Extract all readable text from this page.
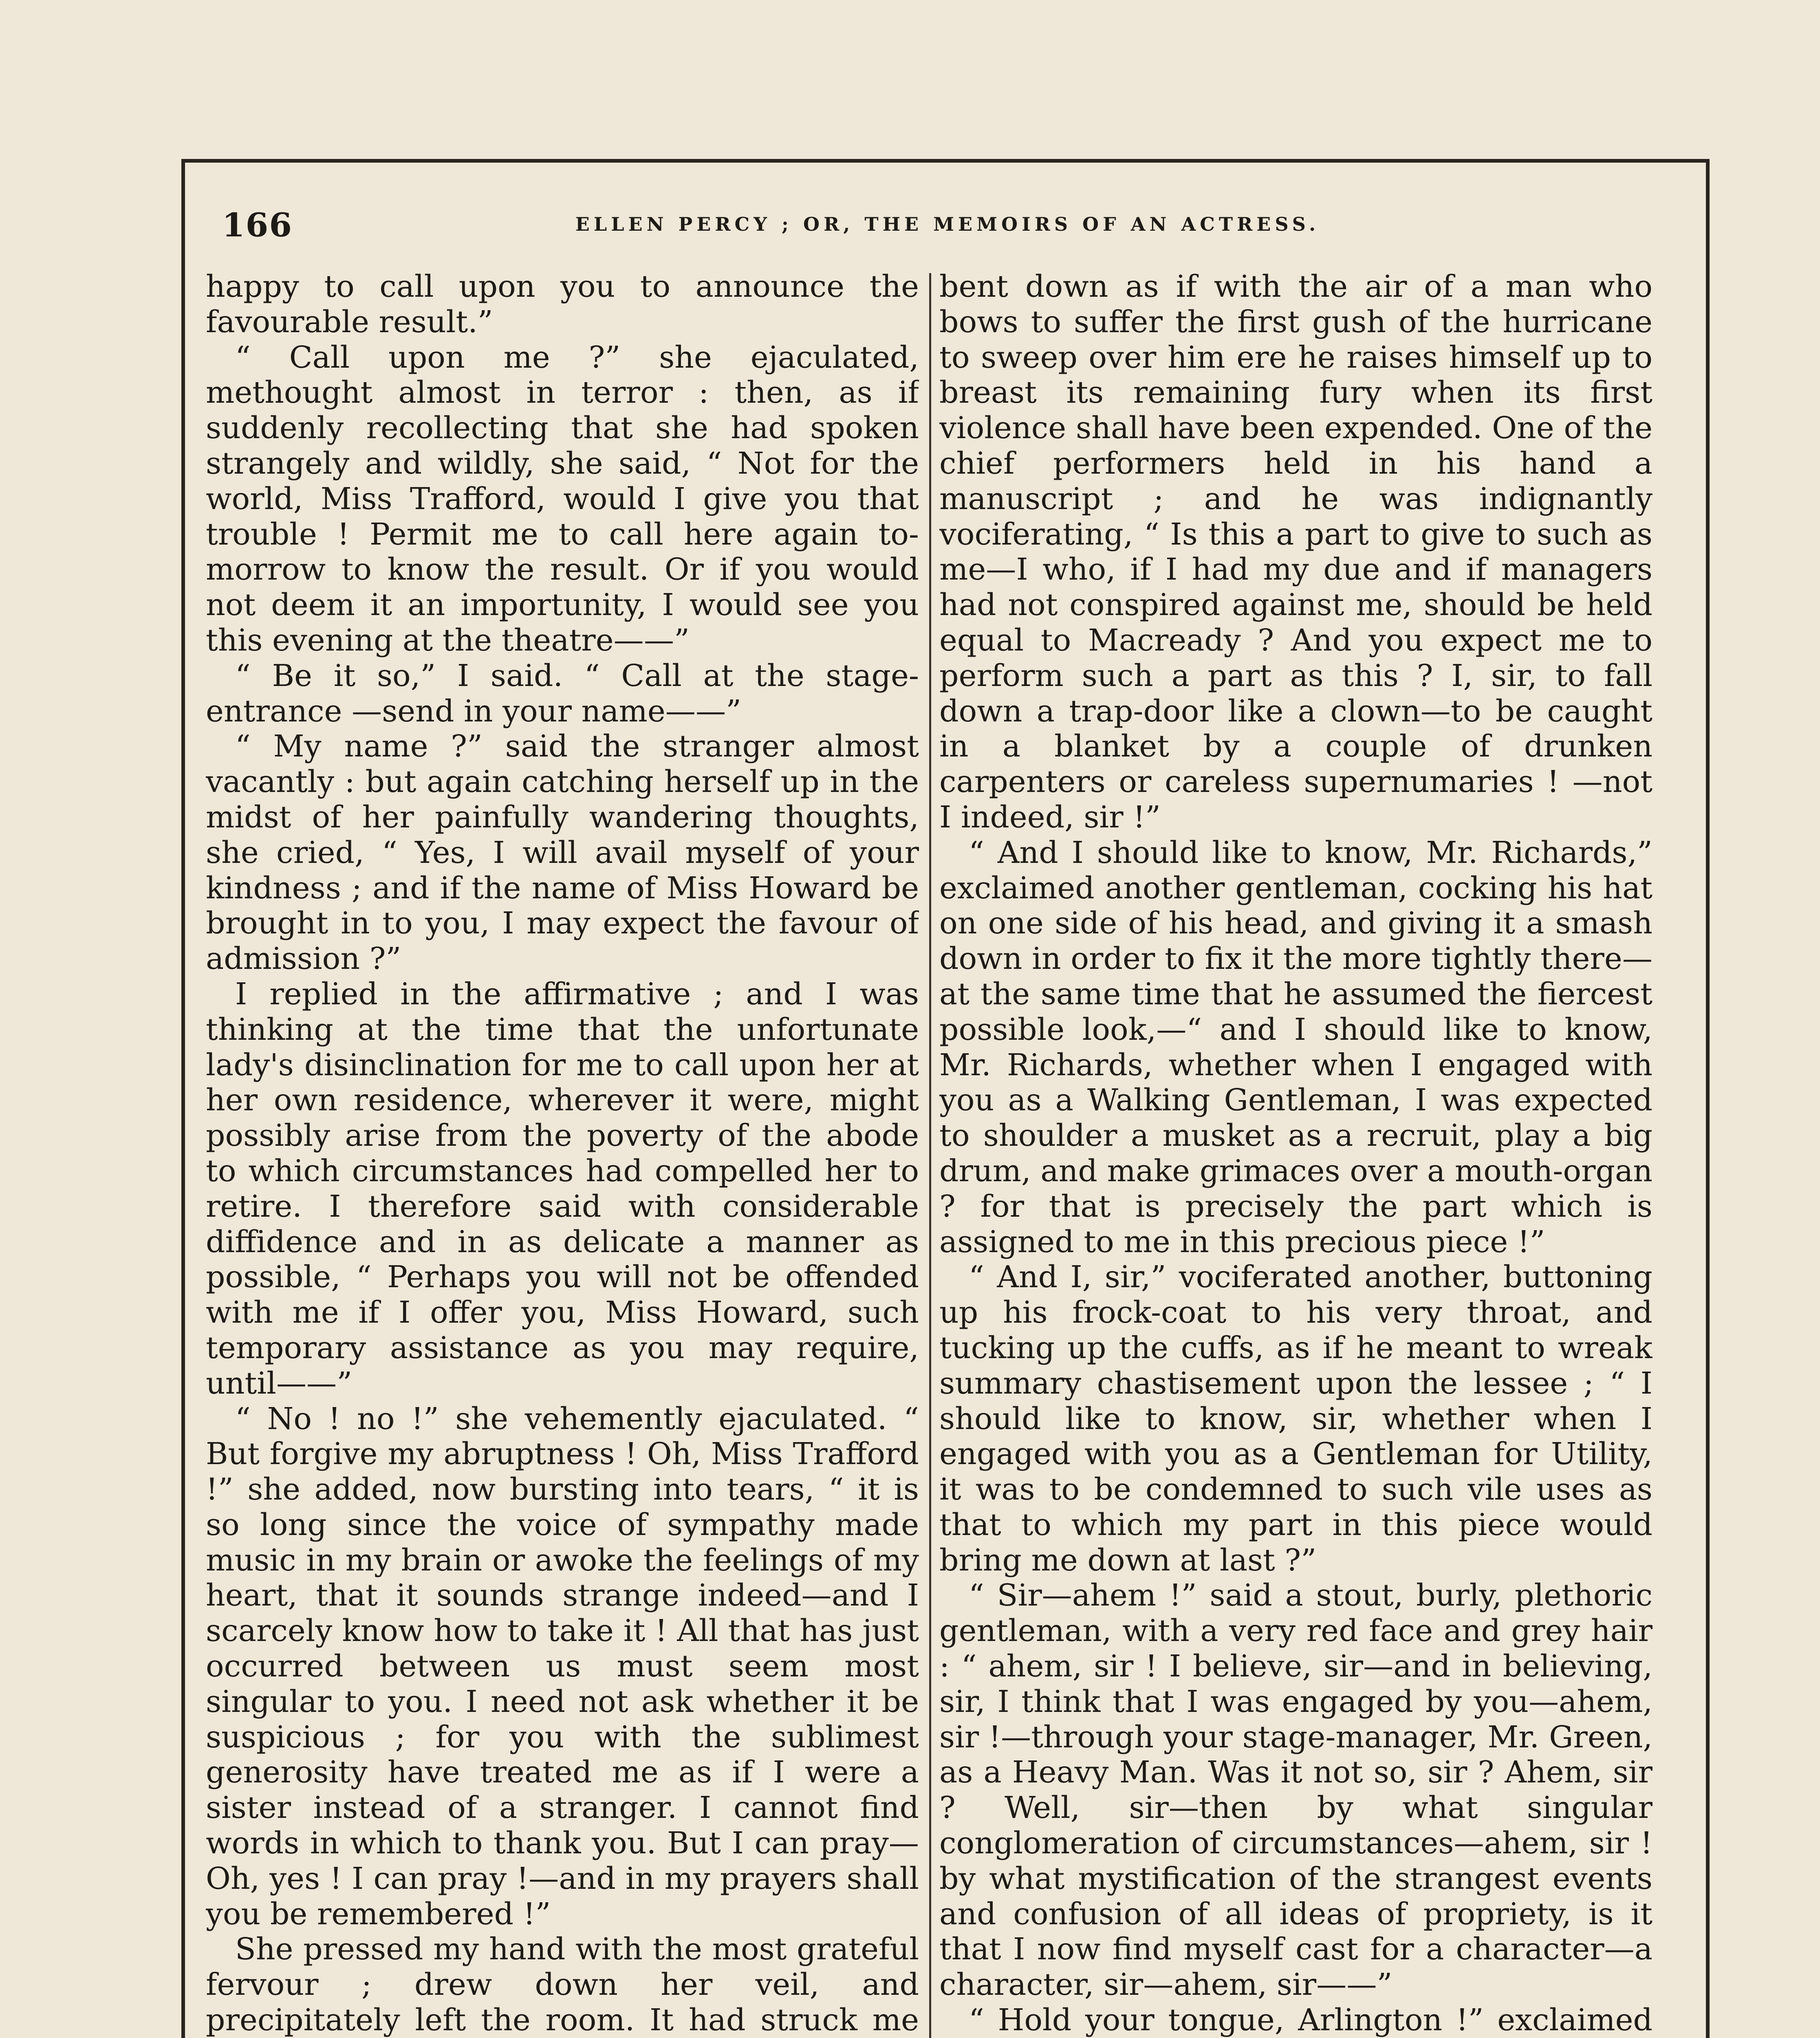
166	ELLEN PERCY ; OR, THE MEMOIRS OF AN ACTRESS.

happy to call upon you to announce the favourable result.”

“ Call upon me ?” she ejaculated, methought almost in terror : then, as if suddenly recollecting that she had spoken strangely and wildly, she said, “ Not for the world, Miss Trafford, would I give you that trouble ! Permit me to call here again to-morrow to know the result. Or if you would not deem it an importunity, I would see you this evening at the theatre——”

“ Be it so,” I said. “ Call at the stage-entrance —send in your name——”

“ My name ?” said the stranger almost vacantly : but again catching herself up in the midst of her painfully wandering thoughts, she cried, “ Yes, I will avail myself of your kindness ; and if the name of Miss Howard be brought in to you, I may expect the favour of admission ?”

I replied in the affirmative ; and I was thinking at the time that the unfortunate lady's disinclination for me to call upon her at her own residence, wherever it were, might possibly arise from the poverty of the abode to which circumstances had compelled her to retire. I therefore said with considerable diffidence and in as delicate a manner as possible, “ Perhaps you will not be offended with me if I offer you, Miss Howard, such temporary assistance as you may require, until——”

“ No ! no !” she vehemently ejaculated. “ But forgive my abruptness ! Oh, Miss Trafford !” she added, now bursting into tears, “ it is so long since the voice of sympathy made music in my brain or awoke the feelings of my heart, that it sounds strange indeed—and I scarcely know how to take it ! All that has just occurred between us must seem most singular to you. I need not ask whether it be suspicious ; for you with the sublimest generosity have treated me as if I were a sister instead of a stranger. I cannot find words in which to thank you. But I can pray—Oh, yes ! I can pray !—and in my prayers shall you be remembered !”

She pressed my hand with the most grateful fervour ; drew down her veil, and precipitately left the room. It had struck me

bent down as if with the air of a man who bows to suffer the first gush of the hurricane to sweep over him ere he raises himself up to breast its remaining fury when its first violence shall have been expended. One of the chief performers held in his hand a manuscript ; and he was indignantly vociferating, “ Is this a part to give to such as me—I who, if I had my due and if managers had not conspired against me, should be held equal to Macready ? And you expect me to perform such a part as this ? I, sir, to fall down a trap-door like a clown—to be caught in a blanket by a couple of drunken carpenters or careless supernumaries ! —not I indeed, sir !”

“ And I should like to know, Mr. Richards,” exclaimed another gentleman, cocking his hat on one side of his head, and giving it a smash down in order to fix it the more tightly there—at the same time that he assumed the fiercest possible look,—“ and I should like to know, Mr. Richards, whether when I engaged with you as a Walking Gentleman, I was expected to shoulder a musket as a recruit, play a big drum, and make grimaces over a mouth-organ ? for that is precisely the part which is assigned to me in this precious piece !”

“ And I, sir,” vociferated another, buttoning up his frock-coat to his very throat, and tucking up the cuffs, as if he meant to wreak summary chastisement upon the lessee ; “ I should like to know, sir, whether when I engaged with you as a Gentleman for Utility, it was to be condemned to such vile uses as that to which my part in this piece would bring me down at last ?”

“ Sir—ahem !” said a stout, burly, plethoric gentleman, with a very red face and grey hair : “ ahem, sir ! I believe, sir—and in believing, sir, I think that I was engaged by you—ahem, sir !—through your stage-manager, Mr. Green, as a Heavy Man. Was it not so, sir ? Ahem, sir ? Well, sir—then by what singular conglomeration of circumstances—ahem, sir ! by what mystification of the strangest events and confusion of all ideas of propriety, is it that I now find myself cast for a character—a character, sir—ahem, sir——”

“ Hold your tongue, Arlington !” exclaimed
